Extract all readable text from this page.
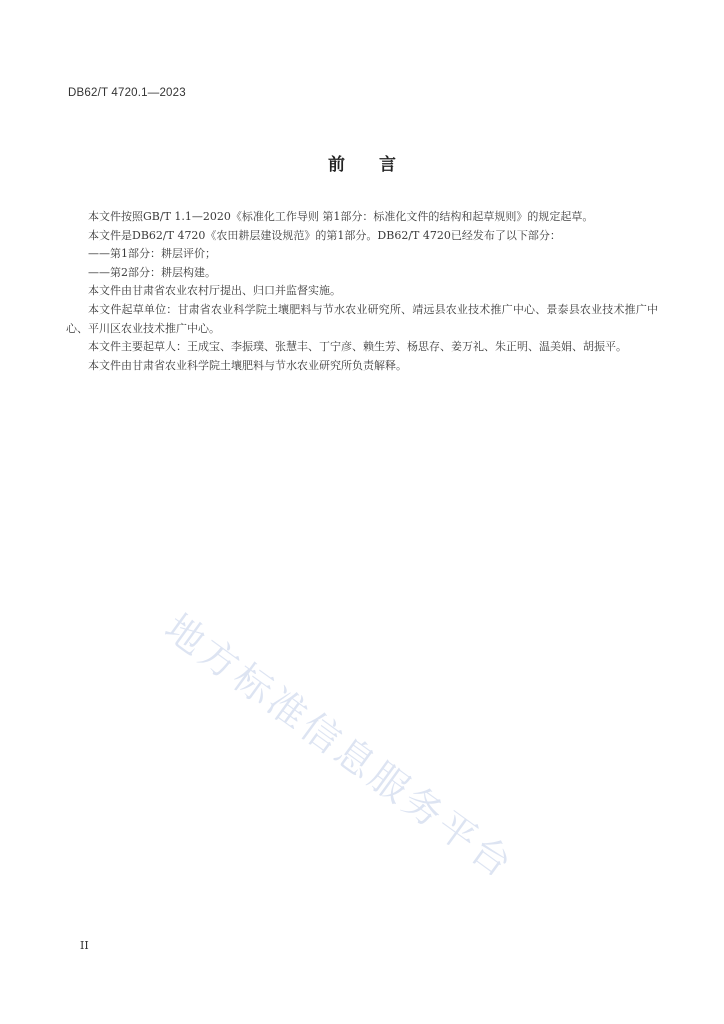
DB62/T 4720.1—2023
前言

本文件按照GB/T 1.1—2020《标准化工作导则 第1部分：标准化文件的结构和起草规则》的规定起草。

本文件是DB62/T 4720《农田耕层建设规范》的第1部分。DB62/T 4720已经发布了以下部分：

——第1部分：耕层评价；

——第2部分：耕层构建。

本文件由甘肃省农业农村厅提出、归口并监督实施。

本文件起草单位：甘肃省农业科学院土壤肥料与节水农业研究所、靖远县农业技术推广中心、景泰县农业技术推广中心、平川区农业技术推广中心。

本文件主要起草人：王成宝、李振璞、张慧丰、丁宁彦、赖生芳、杨思存、姜万礼、朱正明、温美娟、胡振平。

本文件由甘肃省农业科学院土壤肥料与节水农业研究所负责解释。

地方标准信息服务平台
II
